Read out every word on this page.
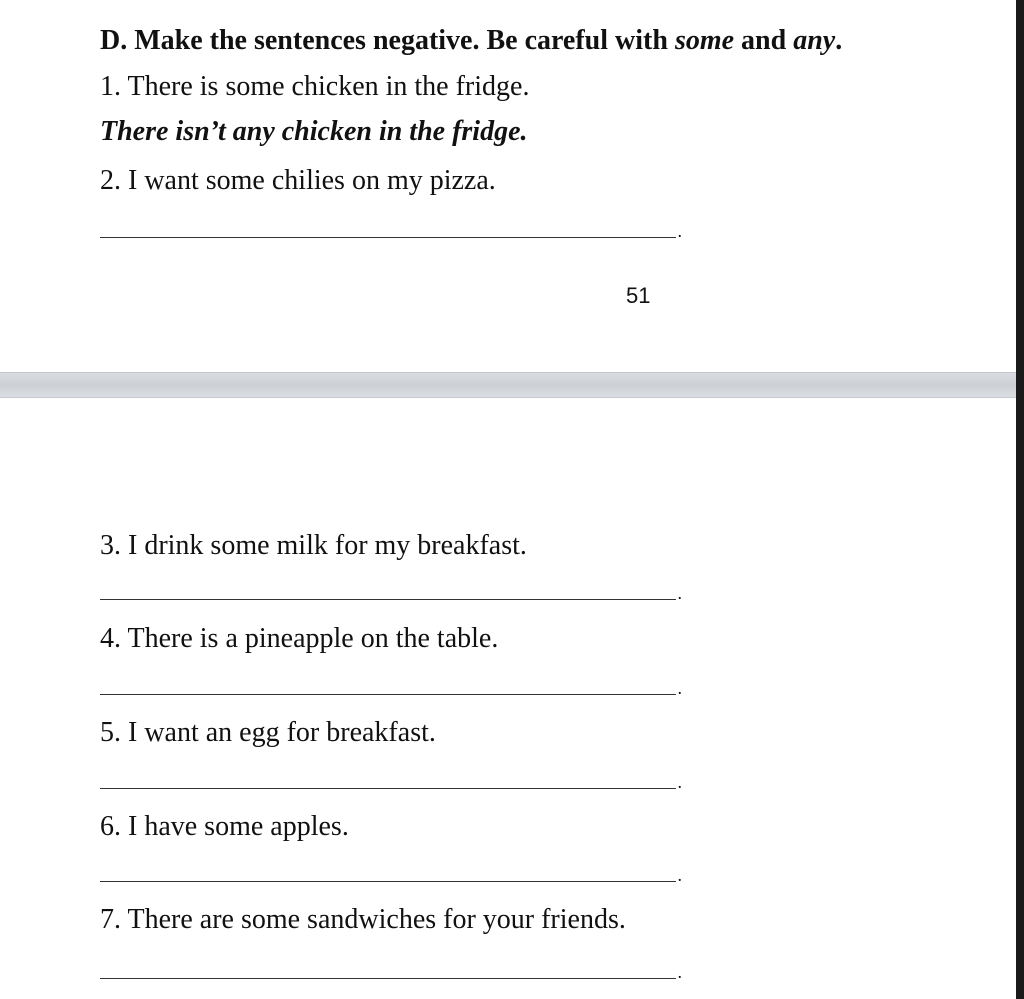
D. Make the sentences negative. Be careful with some and any.
1. There is some chicken in the fridge.
There isn’t any chicken in the fridge.
2. I want some chilies on my pizza.
.
51
3. I drink some milk for my breakfast.
.
4. There is a pineapple on the table.
.
5. I want an egg for breakfast.
.
6. I have some apples.
.
7. There are some sandwiches for your friends.
.
